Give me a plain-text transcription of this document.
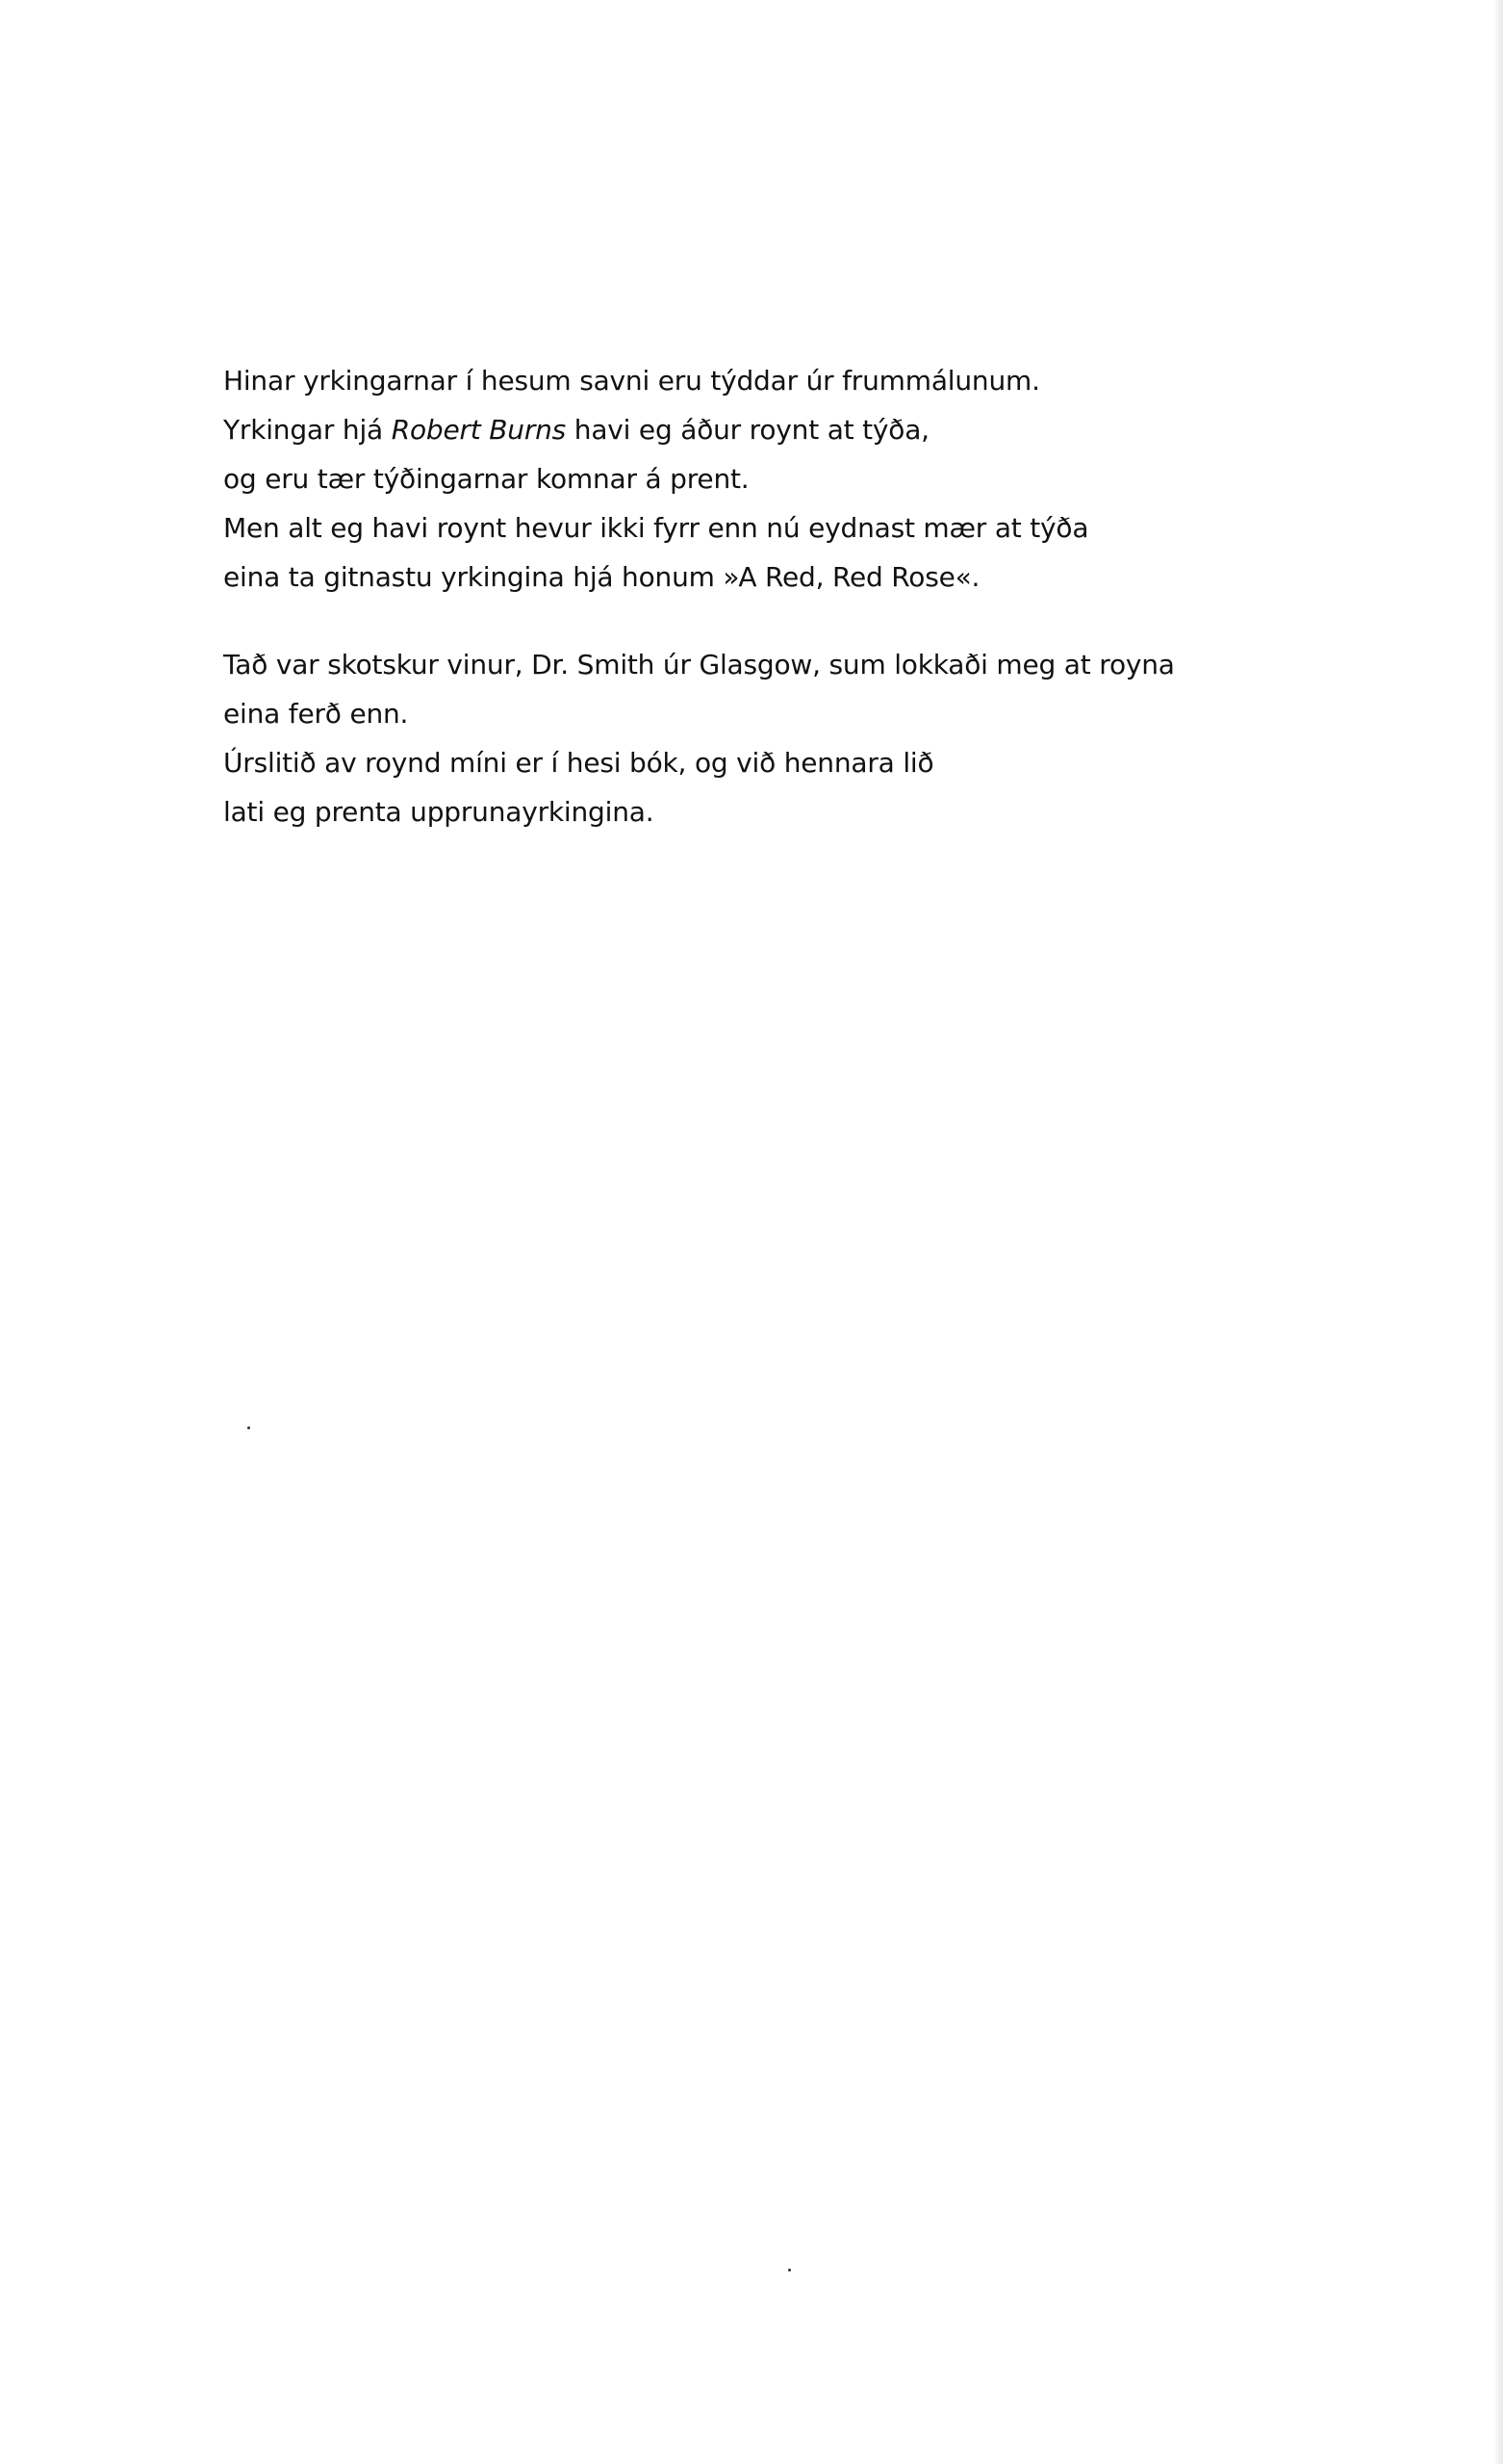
Hinar yrkingarnar í hesum savni eru týddar úr frummálunum.
Yrkingar hjá Robert Burns havi eg áður roynt at týða,
og eru tær týðingarnar komnar á prent.
Men alt eg havi roynt hevur ikki fyrr enn nú eydnast mær at týða
eina ta gitnastu yrkingina hjá honum »A Red, Red Rose«.

Tað var skotskur vinur, Dr. Smith úr Glasgow, sum lokkaði meg at royna
eina ferð enn.
Úrslitið av roynd míni er í hesi bók, og við hennara lið
lati eg prenta upprunayrkingina.
